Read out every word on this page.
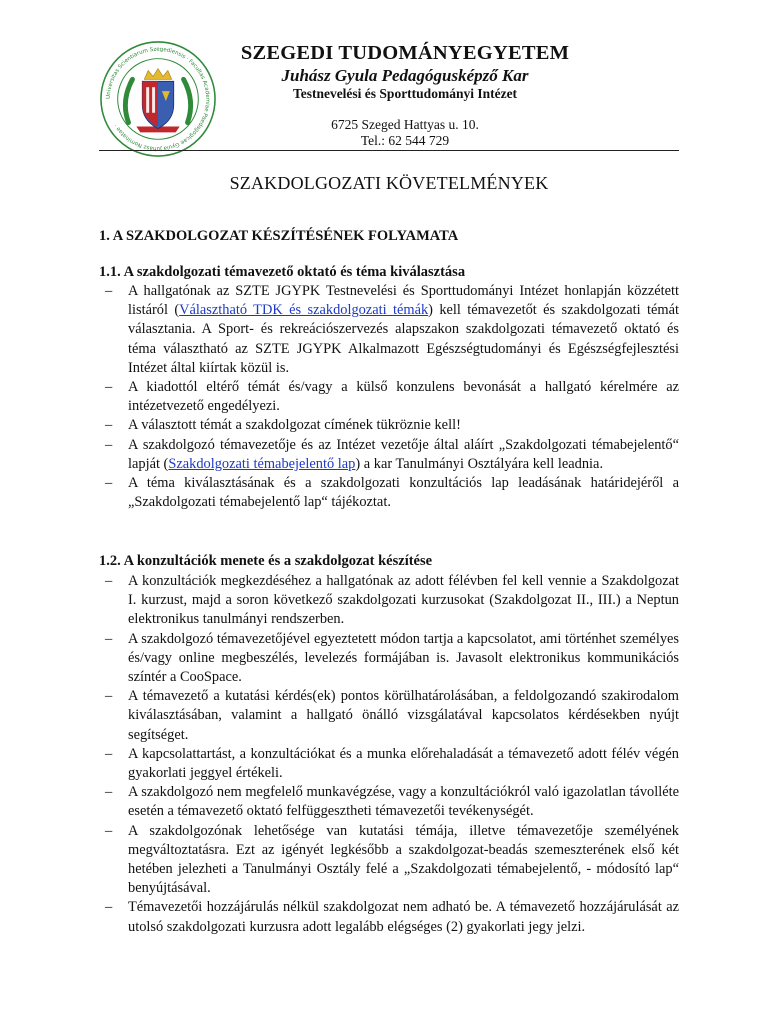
Universitas Scientiarum Szegediensis · Facultas Academiae Paedagogicae Gyula Juhász Nominatae ·
SZEGEDI TUDOMÁNYEGYETEM
Juhász Gyula Pedagógusképző Kar
Testnevelési és Sporttudományi Intézet
6725 Szeged Hattyas u. 10.
Tel.: 62 544 729
SZAKDOLGOZATI KÖVETELMÉNYEK
1. A SZAKDOLGOZAT KÉSZÍTÉSÉNEK FOLYAMATA
1.1. A szakdolgozati témavezető oktató és téma kiválasztása
– A hallgatónak az SZTE JGYPK Testnevelési és Sporttudományi Intézet honlapján közzétett listáról (Választható TDK és szakdolgozati témák) kell témavezetőt és szakdolgozati témát választania. A Sport- és rekreációszervezés alapszakon szakdolgozati témavezető oktató és téma választható az SZTE JGYPK Alkalmazott Egészségtudományi és Egészségfejlesztési Intézet által kiírtak közül is.
– A kiadottól eltérő témát és/vagy a külső konzulens bevonását a hallgató kérelmére az intézetvezető engedélyezi.
– A választott témát a szakdolgozat címének tükröznie kell!
– A szakdolgozó témavezetője és az Intézet vezetője által aláírt „Szakdolgozati témabejelentő“ lapját (Szakdolgozati témabejelentő lap) a kar Tanulmányi Osztályára kell leadnia.
– A téma kiválasztásának és a szakdolgozati konzultációs lap leadásának határidejéről a „Szakdolgozati témabejelentő lap“ tájékoztat.
1.2. A konzultációk menete és a szakdolgozat készítése
– A konzultációk megkezdéséhez a hallgatónak az adott félévben fel kell vennie a Szakdolgozat I. kurzust, majd a soron következő szakdolgozati kurzusokat (Szakdolgozat II., III.) a Neptun elektronikus tanulmányi rendszerben.
– A szakdolgozó témavezetőjével egyeztetett módon tartja a kapcsolatot, ami történhet személyes és/vagy online megbeszélés, levelezés formájában is. Javasolt elektronikus kommunikációs színtér a CooSpace.
– A témavezető a kutatási kérdés(ek) pontos körülhatárolásában, a feldolgozandó szakirodalom kiválasztásában, valamint a hallgató önálló vizsgálatával kapcsolatos kérdésekben nyújt segítséget.
– A kapcsolattartást, a konzultációkat és a munka előrehaladását a témavezető adott félév végén gyakorlati jeggyel értékeli.
– A szakdolgozó nem megfelelő munkavégzése, vagy a konzultációkról való igazolatlan távolléte esetén a témavezető oktató felfüggesztheti témavezetői tevékenységét.
– A szakdolgozónak lehetősége van kutatási témája, illetve témavezetője személyének megváltoztatásra. Ezt az igényét legkésőbb a szakdolgozat-beadás szemeszterének első két hetében jelezheti a Tanulmányi Osztály felé a „Szakdolgozati témabejelentő, - módosító lap“ benyújtásával.
– Témavezetői hozzájárulás nélkül szakdolgozat nem adható be. A témavezető hozzájárulását az utolsó szakdolgozati kurzusra adott legalább elégséges (2) gyakorlati jegy jelzi.
